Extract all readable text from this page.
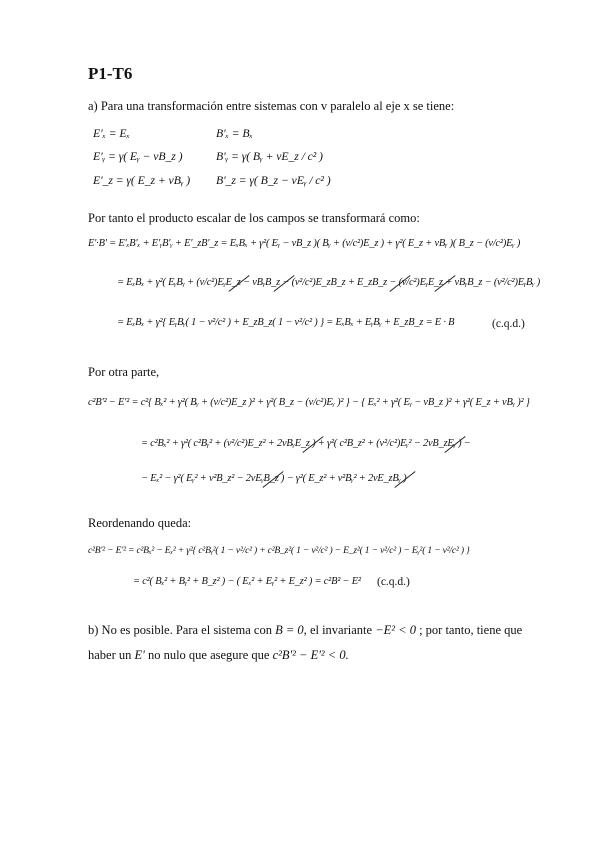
P1-T6
a) Para una transformación entre sistemas con v paralelo al eje x se tiene:
E'ₓ = Eₓ	B'ₓ = Bₓ
E'ᵧ = γ( Eᵧ − vB_z )	B'ᵧ = γ( Bᵧ + vE_z / c² )
E'_z = γ( E_z + vBᵧ ) B'_z = γ( B_z − vEᵧ / c² )
Por tanto el producto escalar de los campos se transformará como:
E'·B' = E'ₓB'ₓ + E'ᵧB'ᵧ + E'_zB'_z = EₓBₓ + γ²( Eᵧ − vB_z )( Bᵧ + (v/c²)E_z ) + γ²( E_z + vBᵧ )( B_z − (v/c²)Eᵧ )
= EₓBₓ + γ²( EᵧBᵧ + (v/c²)EᵧE_z − vBᵧB_z − (v²/c²)E_zB_z + E_zB_z − (v/c²)EᵧE_z + vBᵧB_z − (v²/c²)EᵧBᵧ )
= EₓBₓ + γ²{ EᵧBᵧ( 1 − v²/c² ) + E_zB_z( 1 − v²/c² ) } = EₓBₓ + EᵧBᵧ + E_zB_z = E · B	(c.q.d.)
Por otra parte,
c²B'² − E'² = c²{ Bₓ² + γ²( Bᵧ + (v/c²)E_z )² + γ²( B_z − (v/c²)Eᵧ )² } − { Eₓ² + γ²( Eᵧ − vB_z )² + γ²( E_z + vBᵧ )² }
= c²Bₓ² + γ²( c²Bᵧ² + (v²/c²)E_z² + 2vBᵧE_z ) + γ²( c²B_z² + (v²/c²)Eᵧ² − 2vB_zEᵧ ) −
− Eₓ² − γ²( Eᵧ² + v²B_z² − 2vEᵧB_z ) − γ²( E_z² + v²Bᵧ² + 2vE_zBᵧ )
Reordenando queda:
c²B'² − E'² = c²Bₓ² − Eₓ² + γ²{ c²Bᵧ²( 1 − v²/c² ) + c²B_z²( 1 − v²/c² ) − E_z²( 1 − v²/c² ) − Eᵧ²( 1 − v²/c² ) }
= c²( Bₓ² + Bᵧ² + B_z² ) − ( Eₓ² + Eᵧ² + E_z² ) = c²B² − E² (c.q.d.)
b) No es posible. Para el sistema con B = 0, el invariante −E² < 0 ; por tanto, tiene que
haber un E' no nulo que asegure que c²B'² − E'² < 0.
